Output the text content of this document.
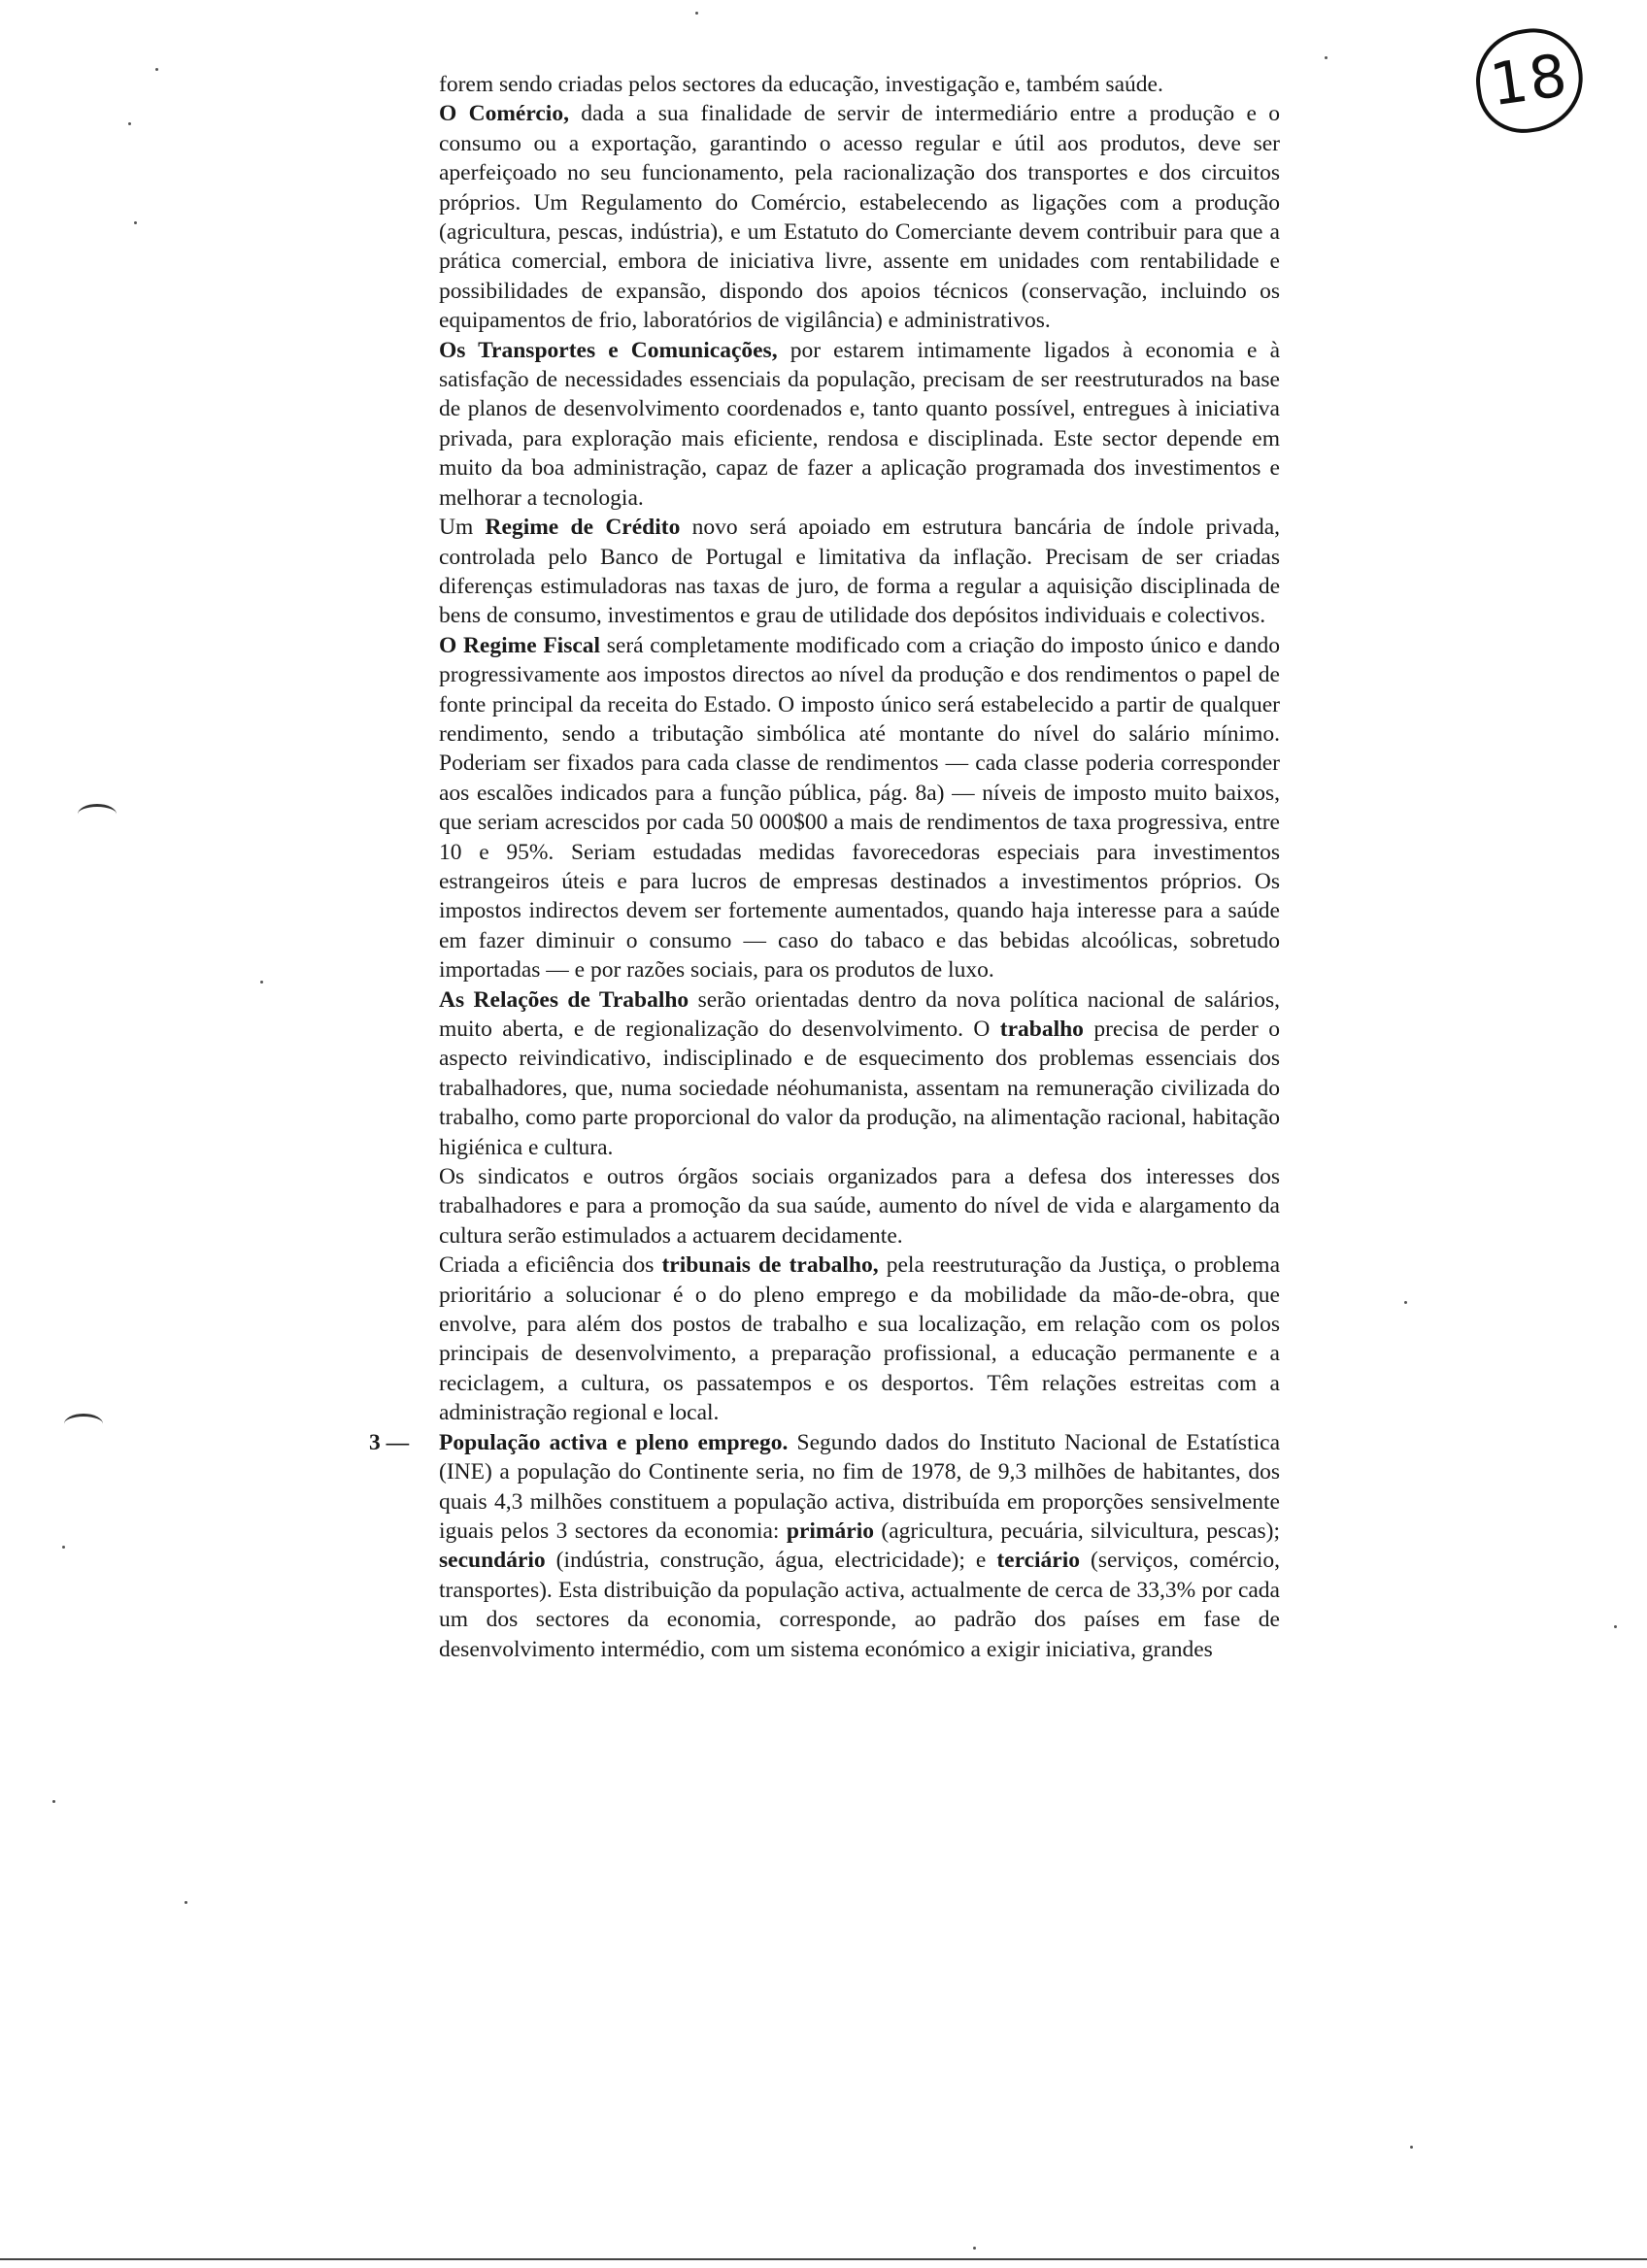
18

forem sendo criadas pelos sectores da educação, investigação e, também saúde.

O Comércio, dada a sua finalidade de servir de intermediário entre a produção e o consumo ou a exportação, garantindo o acesso regular e útil aos produtos, deve ser aperfeiçoado no seu funcionamento, pela racionalização dos transportes e dos circuitos próprios. Um Regulamento do Comércio, estabelecendo as ligações com a produção (agricultura, pescas, indústria), e um Estatuto do Comerciante devem contribuir para que a prática comercial, embora de iniciativa livre, assente em unidades com rentabilidade e possibilidades de expansão, dispondo dos apoios técnicos (conservação, incluindo os equipamentos de frio, laboratórios de vigilância) e administrativos.

Os Transportes e Comunicações, por estarem intimamente ligados à economia e à satisfação de necessidades essenciais da população, precisam de ser reestruturados na base de planos de desenvolvimento coordenados e, tanto quanto possível, entregues à iniciativa privada, para exploração mais eficiente, rendosa e disciplinada. Este sector depende em muito da boa administração, capaz de fazer a aplicação programada dos investimentos e melhorar a tecnologia.

Um Regime de Crédito novo será apoiado em estrutura bancária de índole privada, controlada pelo Banco de Portugal e limitativa da inflação. Precisam de ser criadas diferenças estimuladoras nas taxas de juro, de forma a regular a aquisição disciplinada de bens de consumo, investimentos e grau de utilidade dos depósitos individuais e colectivos.

O Regime Fiscal será completamente modificado com a criação do imposto único e dando progressivamente aos impostos directos ao nível da produção e dos rendimentos o papel de fonte principal da receita do Estado. O imposto único será estabelecido a partir de qualquer rendimento, sendo a tributação simbólica até montante do nível do salário mínimo. Poderiam ser fixados para cada classe de rendimentos — cada classe poderia corresponder aos escalões indicados para a função pública, pág. 8a) — níveis de imposto muito baixos, que seriam acrescidos por cada 50 000$00 a mais de rendimentos de taxa progressiva, entre 10 e 95%. Seriam estudadas medidas favorecedoras especiais para investimentos estrangeiros úteis e para lucros de empresas destinados a investimentos próprios. Os impostos indirectos devem ser fortemente aumentados, quando haja interesse para a saúde em fazer diminuir o consumo — caso do tabaco e das bebidas alcoólicas, sobretudo importadas — e por razões sociais, para os produtos de luxo.

As Relações de Trabalho serão orientadas dentro da nova política nacional de salários, muito aberta, e de regionalização do desenvolvimento. O trabalho precisa de perder o aspecto reivindicativo, indisciplinado e de esquecimento dos problemas essenciais dos trabalhadores, que, numa sociedade néohumanista, assentam na remuneração civilizada do trabalho, como parte proporcional do valor da produção, na alimentação racional, habitação higiénica e cultura.

Os sindicatos e outros órgãos sociais organizados para a defesa dos interesses dos trabalhadores e para a promoção da sua saúde, aumento do nível de vida e alargamento da cultura serão estimulados a actuarem decidamente.

Criada a eficiência dos tribunais de trabalho, pela reestruturação da Justiça, o problema prioritário a solucionar é o do pleno emprego e da mobilidade da mão-de-obra, que envolve, para além dos postos de trabalho e sua localização, em relação com os polos principais de desenvolvimento, a preparação profissional, a educação permanente e a reciclagem, a cultura, os passatempos e os desportos. Têm relações estreitas com a administração regional e local.

3 — População activa e pleno emprego. Segundo dados do Instituto Nacional de Estatística (INE) a população do Continente seria, no fim de 1978, de 9,3 milhões de habitantes, dos quais 4,3 milhões constituem a população activa, distribuída em proporções sensivelmente iguais pelos 3 sectores da economia: primário (agricultura, pecuária, silvicultura, pescas); secundário (indústria, construção, água, electricidade); e terciário (serviços, comércio, transportes). Esta distribuição da população activa, actualmente de cerca de 33,3% por cada um dos sectores da economia, corresponde, ao padrão dos países em fase de desenvolvimento intermédio, com um sistema económico a exigir iniciativa, grandes
